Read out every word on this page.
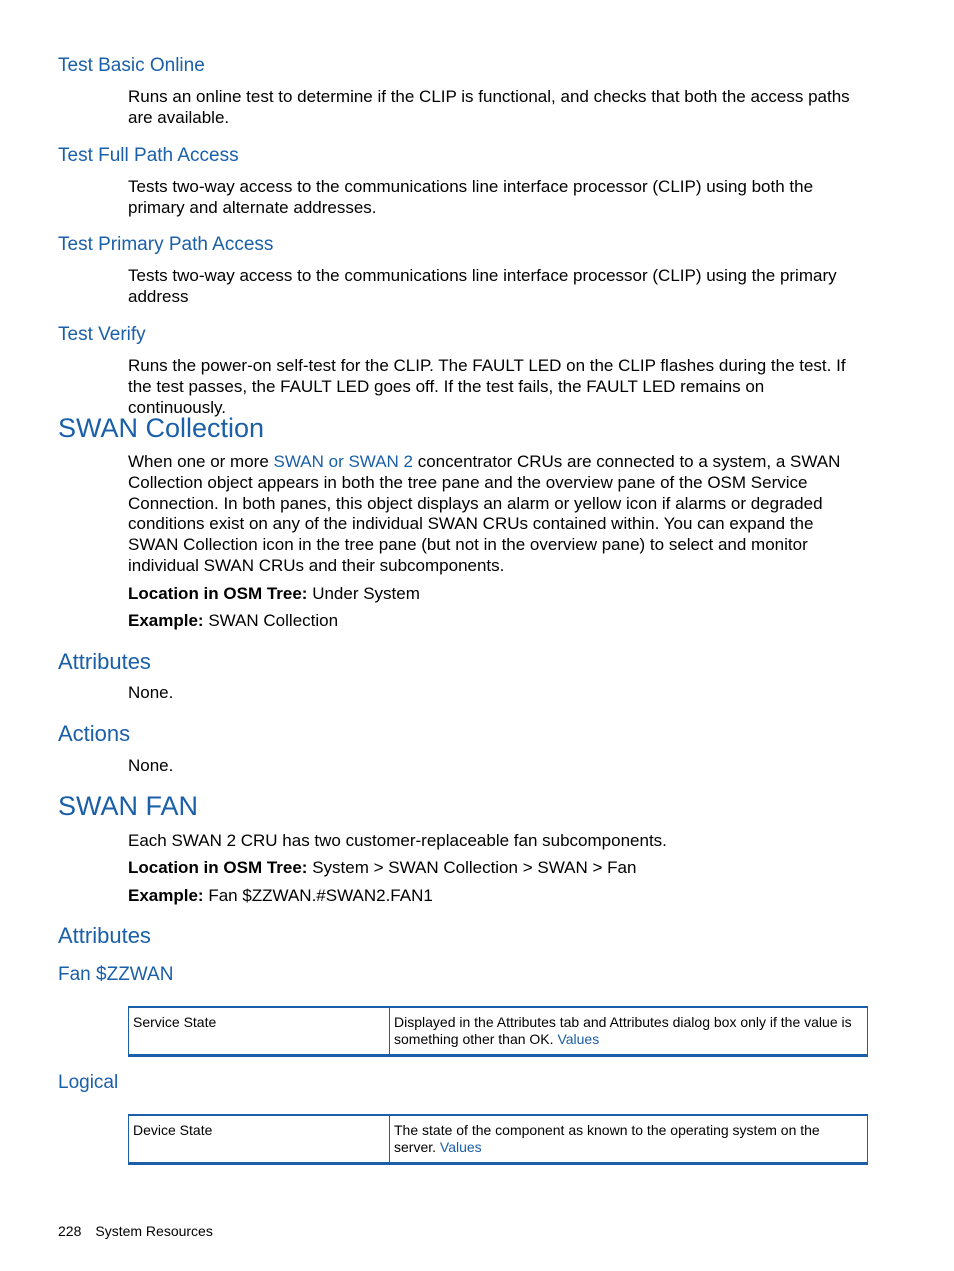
Test Basic Online
Runs an online test to determine if the CLIP is functional, and checks that both the access paths are available.
Test Full Path Access
Tests two-way access to the communications line interface processor (CLIP) using both the primary and alternate addresses.
Test Primary Path Access
Tests two-way access to the communications line interface processor (CLIP) using the primary address
Test Verify
Runs the power-on self-test for the CLIP. The FAULT LED on the CLIP flashes during the test. If the test passes, the FAULT LED goes off. If the test fails, the FAULT LED remains on continuously.
SWAN Collection
When one or more SWAN or SWAN 2 concentrator CRUs are connected to a system, a SWAN Collection object appears in both the tree pane and the overview pane of the OSM Service Connection. In both panes, this object displays an alarm or yellow icon if alarms or degraded conditions exist on any of the individual SWAN CRUs contained within. You can expand the SWAN Collection icon in the tree pane (but not in the overview pane) to select and monitor individual SWAN CRUs and their subcomponents.
Location in OSM Tree: Under System
Example: SWAN Collection
Attributes
None.
Actions
None.
SWAN FAN
Each SWAN 2 CRU has two customer-replaceable fan subcomponents.
Location in OSM Tree: System > SWAN Collection > SWAN > Fan
Example: Fan $ZZWAN.#SWAN2.FAN1
Attributes
Fan $ZZWAN
Service State	Displayed in the Attributes tab and Attributes dialog box only if the value is something other than OK. Values
Logical
Device State	The state of the component as known to the operating system on the server. Values
228 System Resources
